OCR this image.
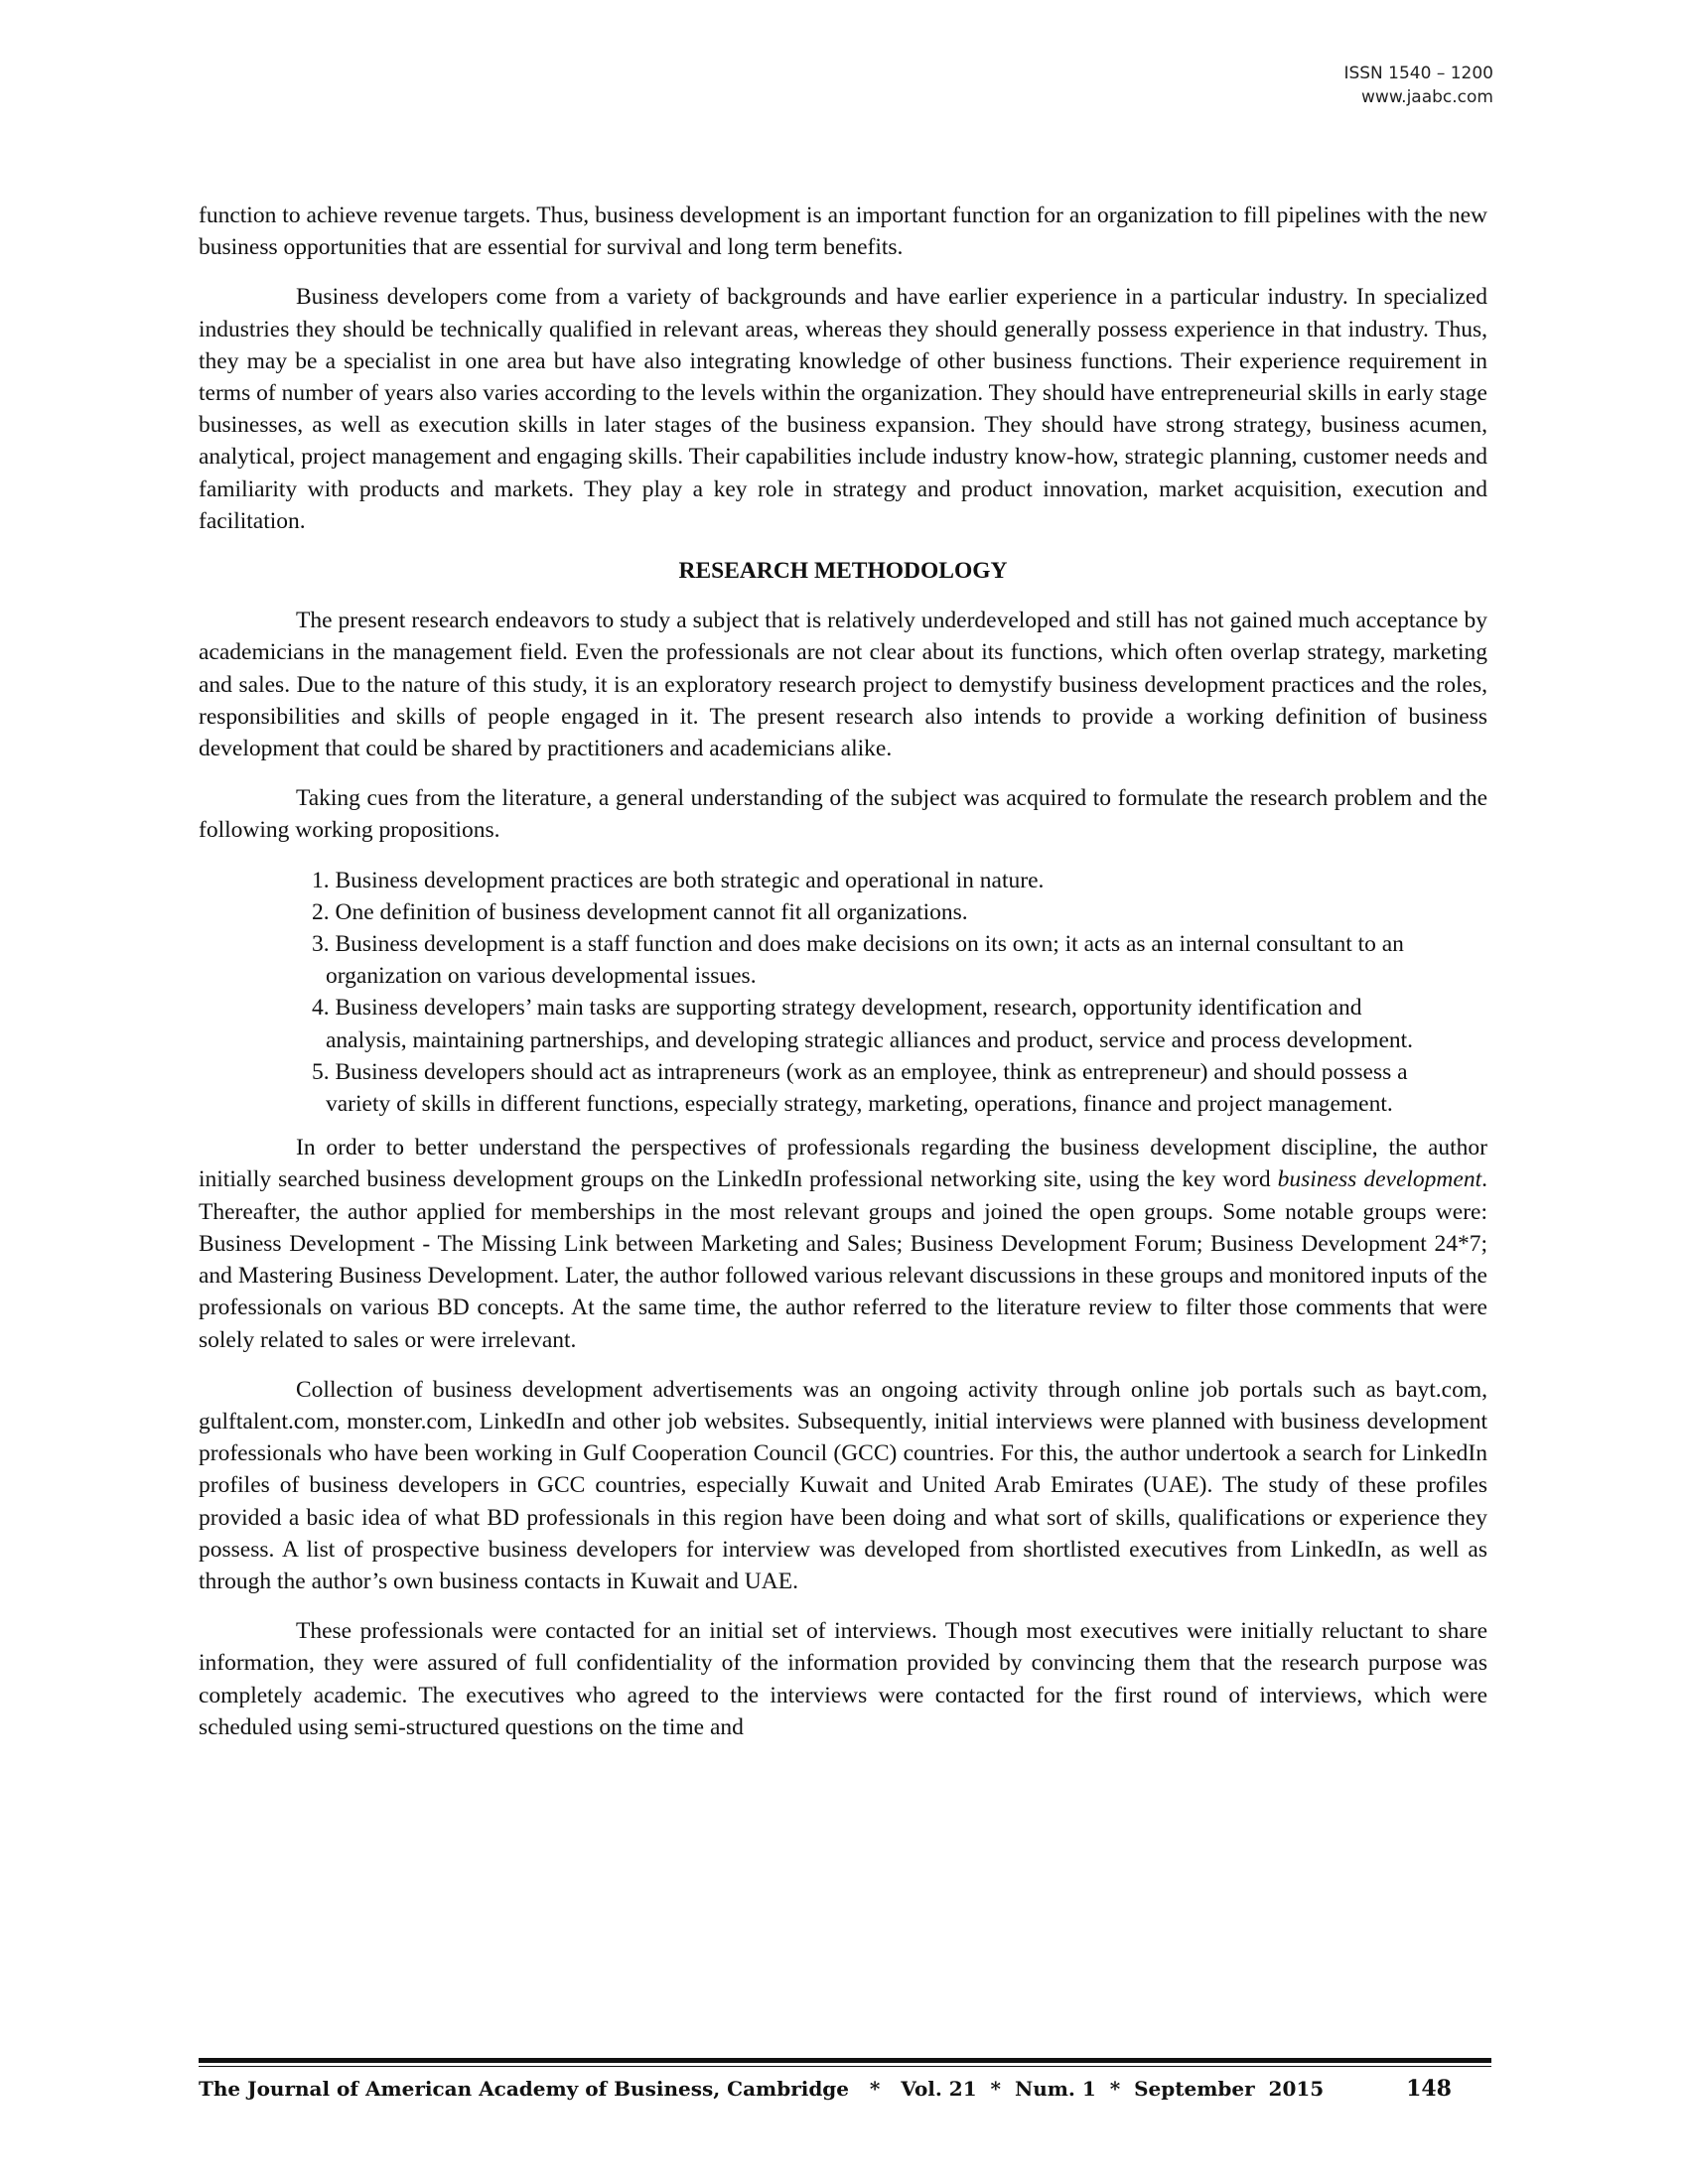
ISSN 1540 – 1200
www.jaabc.com

function to achieve revenue targets. Thus, business development is an important function for an organization to fill pipelines with the new business opportunities that are essential for survival and long term benefits.

Business developers come from a variety of backgrounds and have earlier experience in a particular industry. In specialized industries they should be technically qualified in relevant areas, whereas they should generally possess experience in that industry. Thus, they may be a specialist in one area but have also integrating knowledge of other business functions. Their experience requirement in terms of number of years also varies according to the levels within the organization. They should have entrepreneurial skills in early stage businesses, as well as execution skills in later stages of the business expansion. They should have strong strategy, business acumen, analytical, project management and engaging skills. Their capabilities include industry know-how, strategic planning, customer needs and familiarity with products and markets. They play a key role in strategy and product innovation, market acquisition, execution and facilitation.

RESEARCH METHODOLOGY

The present research endeavors to study a subject that is relatively underdeveloped and still has not gained much acceptance by academicians in the management field. Even the professionals are not clear about its functions, which often overlap strategy, marketing and sales. Due to the nature of this study, it is an exploratory research project to demystify business development practices and the roles, responsibilities and skills of people engaged in it. The present research also intends to provide a working definition of business development that could be shared by practitioners and academicians alike.

Taking cues from the literature, a general understanding of the subject was acquired to formulate the research problem and the following working propositions.

1. Business development practices are both strategic and operational in nature.
2. One definition of business development cannot fit all organizations.
3. Business development is a staff function and does make decisions on its own; it acts as an internal consultant to an organization on various developmental issues.
4. Business developers’ main tasks are supporting strategy development, research, opportunity identification and analysis, maintaining partnerships, and developing strategic alliances and product, service and process development.
5. Business developers should act as intrapreneurs (work as an employee, think as entrepreneur) and should possess a variety of skills in different functions, especially strategy, marketing, operations, finance and project management.

In order to better understand the perspectives of professionals regarding the business development discipline, the author initially searched business development groups on the LinkedIn professional networking site, using the key word business development. Thereafter, the author applied for memberships in the most relevant groups and joined the open groups. Some notable groups were: Business Development - The Missing Link between Marketing and Sales; Business Development Forum; Business Development 24*7; and Mastering Business Development. Later, the author followed various relevant discussions in these groups and monitored inputs of the professionals on various BD concepts. At the same time, the author referred to the literature review to filter those comments that were solely related to sales or were irrelevant.

Collection of business development advertisements was an ongoing activity through online job portals such as bayt.com, gulftalent.com, monster.com, LinkedIn and other job websites. Subsequently, initial interviews were planned with business development professionals who have been working in Gulf Cooperation Council (GCC) countries. For this, the author undertook a search for LinkedIn profiles of business developers in GCC countries, especially Kuwait and United Arab Emirates (UAE). The study of these profiles provided a basic idea of what BD professionals in this region have been doing and what sort of skills, qualifications or experience they possess. A list of prospective business developers for interview was developed from shortlisted executives from LinkedIn, as well as through the author’s own business contacts in Kuwait and UAE.

These professionals were contacted for an initial set of interviews. Though most executives were initially reluctant to share information, they were assured of full confidentiality of the information provided by convincing them that the research purpose was completely academic. The executives who agreed to the interviews were contacted for the first round of interviews, which were scheduled using semi-structured questions on the time and

The Journal of American Academy of Business, Cambridge   *   Vol. 21  *  Num. 1  *  September  2015	148
